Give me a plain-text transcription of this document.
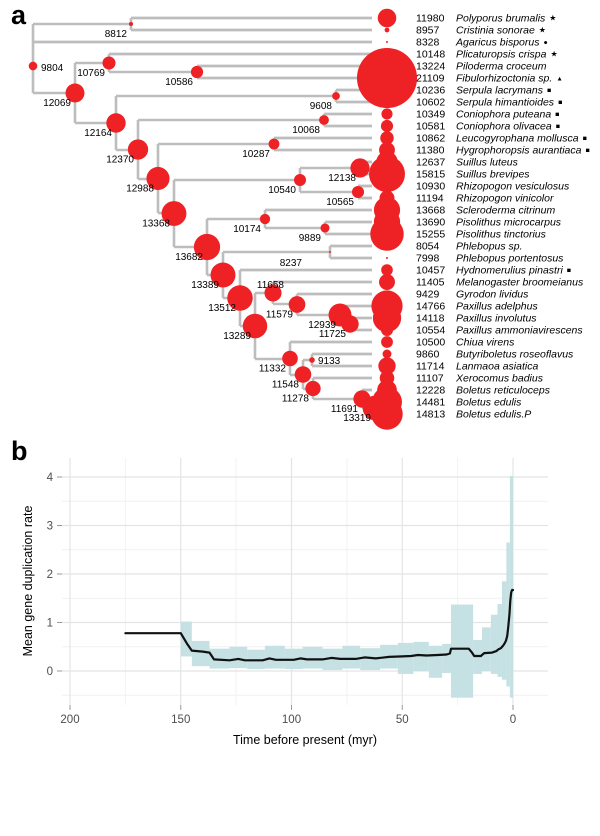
a
9804
8812
12069
10769
10586
12164
9608
12370
10068
12988
10287
13368
10540
12138
10565
13682
10174
9889
13389
8237
13512
13289
11658
11579
12939
11725
11332
9133
11548
11278
11691
13319
11980 Polyporus brumalis ★
8957 Cristinia sonorae ★
8328 Agaricus bisporus ●
10148 Plicaturopsis crispa ★
13224 Piloderma croceum
21109 Fibulorhizoctonia sp. ▲
10236 Serpula lacrymans ■
10602 Serpula himantioides ■
10349 Coniophora puteana ■
10581 Coniophora olivacea ■
10862 Leucogyrophana mollusca ■
11380 Hygrophoropsis aurantiaca ■
12637 Suillus luteus
15815 Suillus brevipes
10930 Rhizopogon vesiculosus
11194 Rhizopogon vinicolor
13668 Scleroderma citrinum
13690 Pisolithus microcarpus
15255 Pisolithus tinctorius
8054 Phlebopus sp.
7998 Phlebopus portentosus
10457 Hydnomerulius pinastri ■
11405 Melanogaster broomeianus
9429 Gyrodon lividus
14766 Paxillus adelphus
14118 Paxillus involutus
10554 Paxillus ammoniavirescens
10500 Chiua virens
9860 Butyriboletus roseoflavus
11714 Lanmaoa asiatica
11107 Xerocomus badius
12228 Boletus reticuloceps
14481 Boletus edulis
14813 Boletus edulis.P
b
200	150	100	50	0
0
1
2
3
4
Time before present (myr)
Mean gene duplication rate
